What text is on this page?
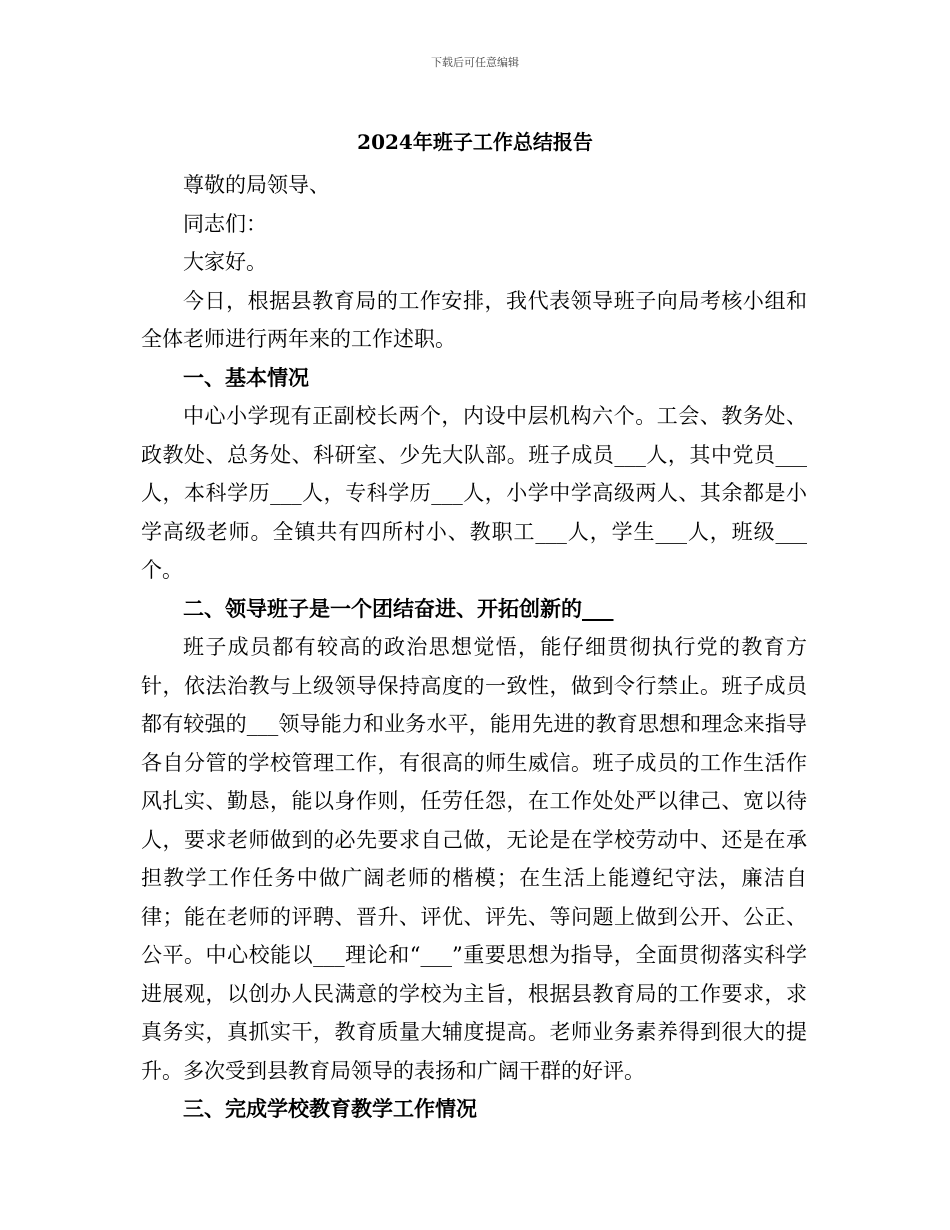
下载后可任意编辑
2024年班子工作总结报告

尊敬的局领导、

同志们：

大家好。

今日，根据县教育局的工作安排，我代表领导班子向局考核小组和全体老师进行两年来的工作述职。

一、基本情况

中心小学现有正副校长两个，内设中层机构六个。工会、教务处、政教处、总务处、科研室、少先大队部。班子成员___人，其中党员___人，本科学历___人，专科学历___人，小学中学高级两人、其余都是小学高级老师。全镇共有四所村小、教职工___人，学生___人，班级___个。

二、领导班子是一个团结奋进、开拓创新的___

班子成员都有较高的政治思想觉悟，能仔细贯彻执行党的教育方针，依法治教与上级领导保持高度的一致性，做到令行禁止。班子成员都有较强的___领导能力和业务水平，能用先进的教育思想和理念来指导各自分管的学校管理工作，有很高的师生威信。班子成员的工作生活作风扎实、勤恳，能以身作则，任劳任怨，在工作处处严以律己、宽以待人，要求老师做到的必先要求自己做，无论是在学校劳动中、还是在承担教学工作任务中做广阔老师的楷模；在生活上能遵纪守法，廉洁自律；能在老师的评聘、晋升、评优、评先、等问题上做到公开、公正、公平。中心校能以___理论和“___”重要思想为指导，全面贯彻落实科学进展观，以创办人民满意的学校为主旨，根据县教育局的工作要求，求真务实，真抓实干，教育质量大辅度提高。老师业务素养得到很大的提升。多次受到县教育局领导的表扬和广阔干群的好评。

三、完成学校教育教学工作情况
